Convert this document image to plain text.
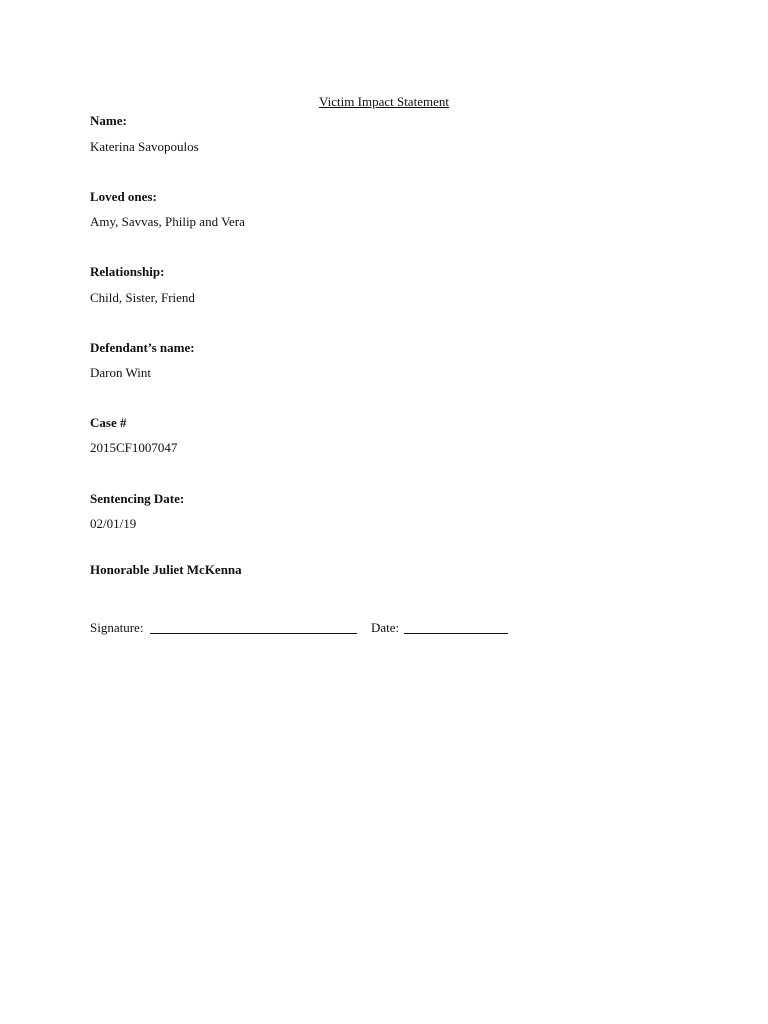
Victim Impact Statement
Name:
Katerina Savopoulos
Loved ones:
Amy, Savvas, Philip and Vera
Relationship:
Child, Sister, Friend
Defendant’s name:
Daron Wint
Case #
2015CF1007047
Sentencing Date:
02/01/19
Honorable Juliet McKenna
Signature:	Date:
